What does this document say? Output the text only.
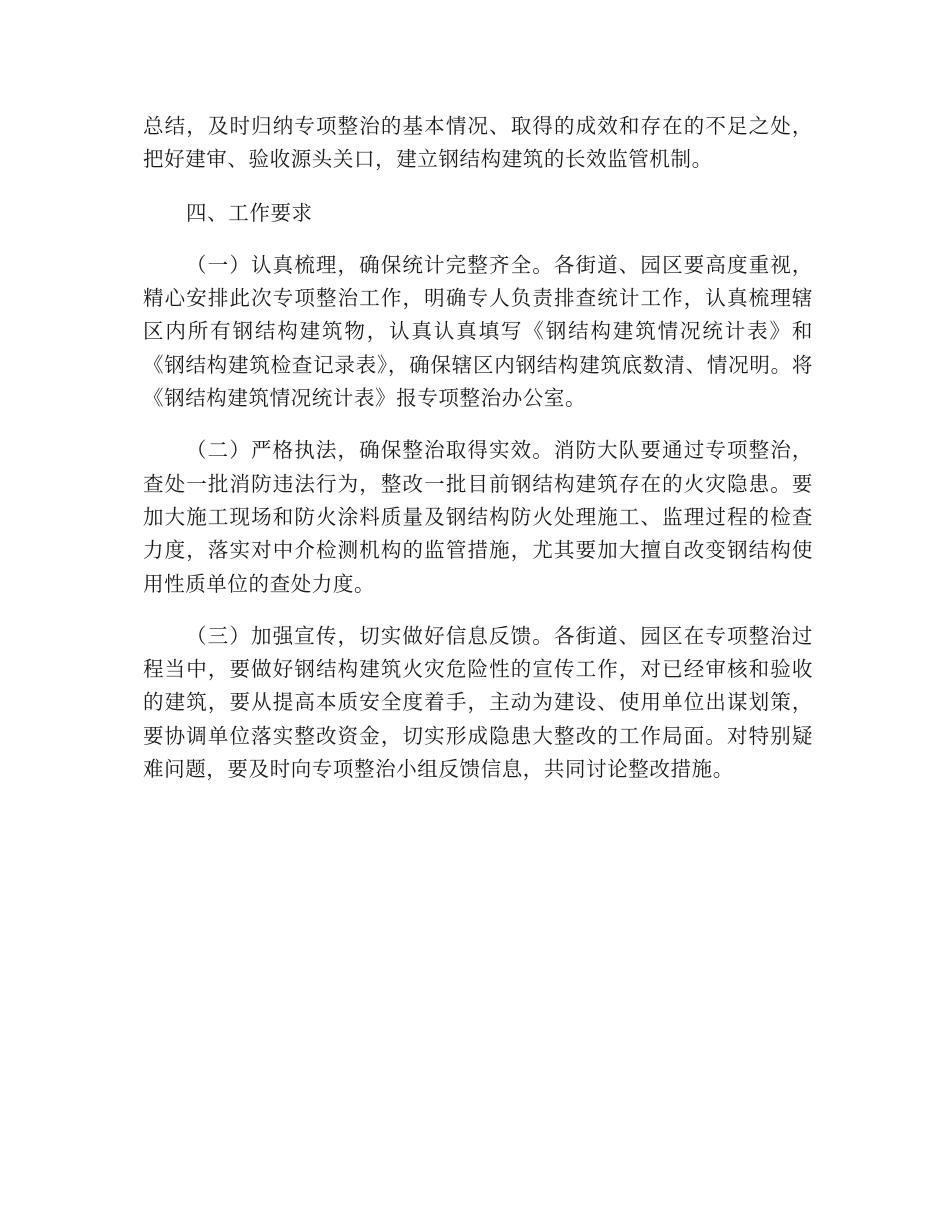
总结，及时归纳专项整治的基本情况、取得的成效和存在的不足之处，把好建审、验收源头关口，建立钢结构建筑的长效监管机制。

四、工作要求

（一）认真梳理，确保统计完整齐全。各街道、园区要高度重视，精心安排此次专项整治工作，明确专人负责排查统计工作，认真梳理辖区内所有钢结构建筑物，认真认真填写《钢结构建筑情况统计表》和《钢结构建筑检查记录表》，确保辖区内钢结构建筑底数清、情况明。将《钢结构建筑情况统计表》报专项整治办公室。

（二）严格执法，确保整治取得实效。消防大队要通过专项整治，查处一批消防违法行为，整改一批目前钢结构建筑存在的火灾隐患。要加大施工现场和防火涂料质量及钢结构防火处理施工、监理过程的检查力度，落实对中介检测机构的监管措施，尤其要加大擅自改变钢结构使用性质单位的查处力度。

（三）加强宣传，切实做好信息反馈。各街道、园区在专项整治过程当中，要做好钢结构建筑火灾危险性的宣传工作，对已经审核和验收的建筑，要从提高本质安全度着手，主动为建设、使用单位出谋划策，要协调单位落实整改资金，切实形成隐患大整改的工作局面。对特别疑难问题，要及时向专项整治小组反馈信息，共同讨论整改措施。
